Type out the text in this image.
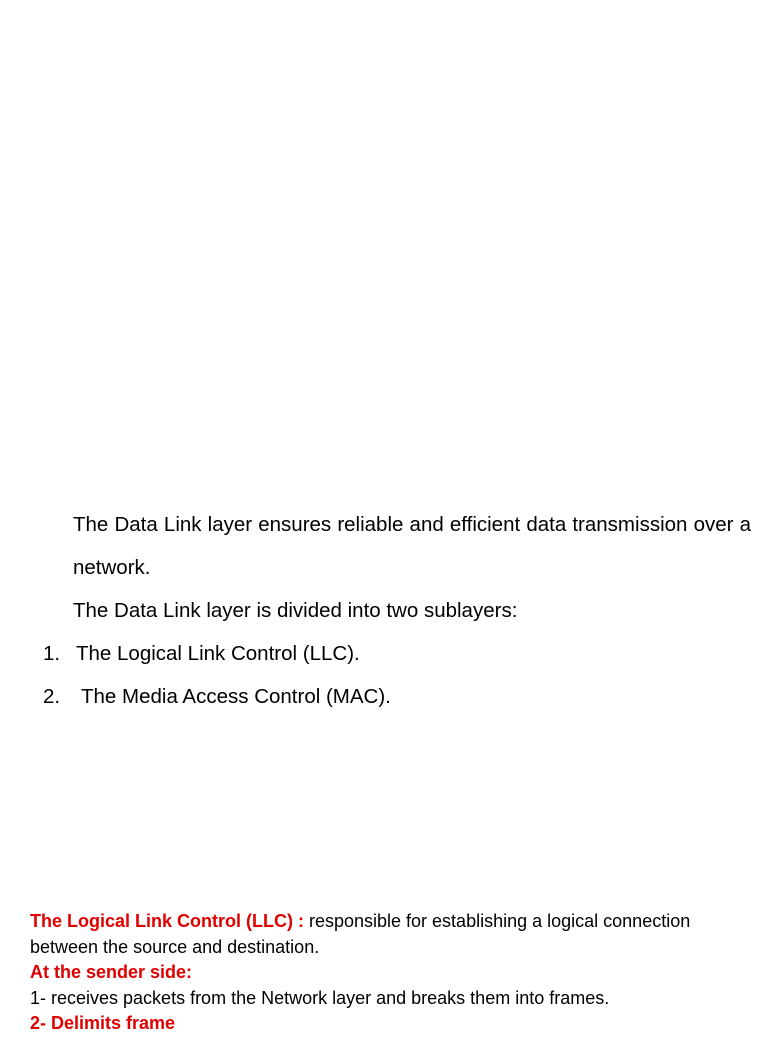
The Data Link layer ensures reliable and efficient data transmission over a network.

The Data Link layer is divided into two sublayers:

1. The Logical Link Control (LLC).
2.	The Media Access Control (MAC).

The Logical Link Control (LLC) : responsible for establishing a logical connection between the source and destination.

At the sender side:

1- receives packets from the Network layer and breaks them into frames.

2- Delimits frame
